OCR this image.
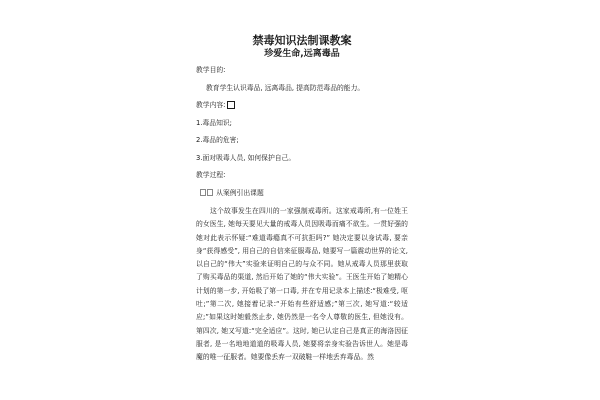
禁毒知识法制课教案
珍爱生命,远离毒品
教学目的:
教育学生认识毒品, 远离毒品, 提高防范毒品的能力。
教学内容:
1.毒品知识;
2.毒品的危害;
3.面对吸毒人员, 如何保护自己。
教学过程:
从案例引出课题

这个故事发生在四川的一家强制戒毒所。这家戒毒所,有一位姓王的女医生, 她每天要见大量的戒毒人员因吸毒而痛不欲生。一贯好强的她对此表示怀疑:“难道毒瘾真不可抗拒吗?” 她决定要以身试毒, 要亲身“获得感受”, 用自己的自信来征服毒品, 她要写一篇震动世界的论文, 以自己的“伟大”实验来证明自己的与众不同。她从戒毒人员那里获取了购买毒品的渠道, 然后开始了她的“伟大实验”。王医生开始了她精心计划的第一步, 开始吸了第一口毒, 并在专用记录本上描述:“极难受, 呕吐;”第二次, 她接着记录:“开始有些舒适感;”第三次, 她写道:“较适应;”如果这时她毅然止步, 她仍然是一名令人尊敬的医生, 但她没有。第四次, 她又写道:“完全适应”。这时, 她已认定自己是真正的海洛因征服者, 是一名地地道道的吸毒人员, 她要将亲身实验告诉世人。她是毒魔的唯一征服者。她要像丢弃一双破鞋一样地丢弃毒品。然
